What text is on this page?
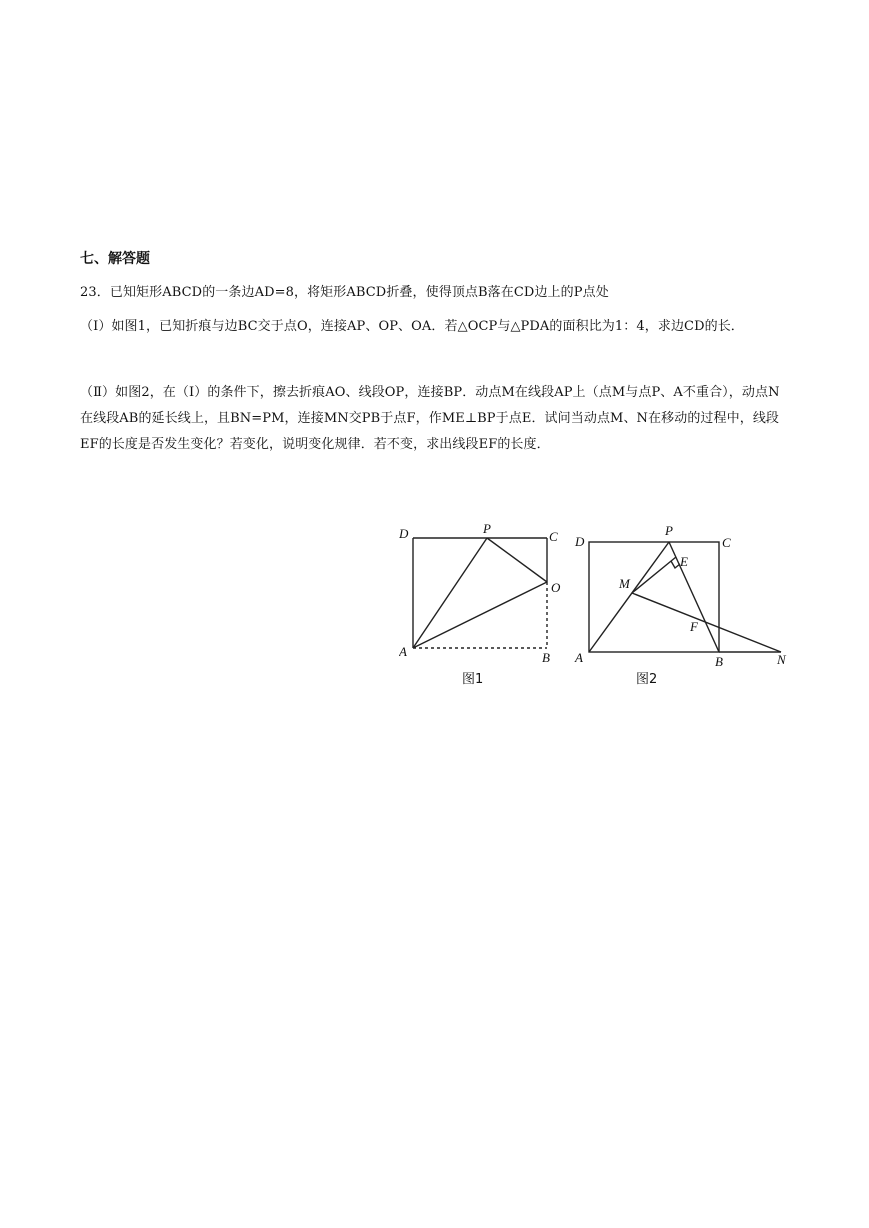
七、解答题
23．已知矩形ABCD的一条边AD=8，将矩形ABCD折叠，使得顶点B落在CD边上的P点处
（Ⅰ）如图1，已知折痕与边BC交于点O，连接AP、OP、OA．若△OCP与△PDA的面积比为1：4，求边CD的长．
（Ⅱ）如图2，在（Ⅰ）的条件下，擦去折痕AO、线段OP，连接BP．动点M在线段AP上（点M与点P、A不重合），动点N在线段AB的延长线上，且BN=PM，连接MN交PB于点F，作ME⊥BP于点E．试问当动点M、N在移动的过程中，线段EF的长度是否发生变化？若变化，说明变化规律．若不变，求出线段EF的长度．
D	P
C
O
A	B
图1
D
P
C
E
M
F
A	B	N
图2
